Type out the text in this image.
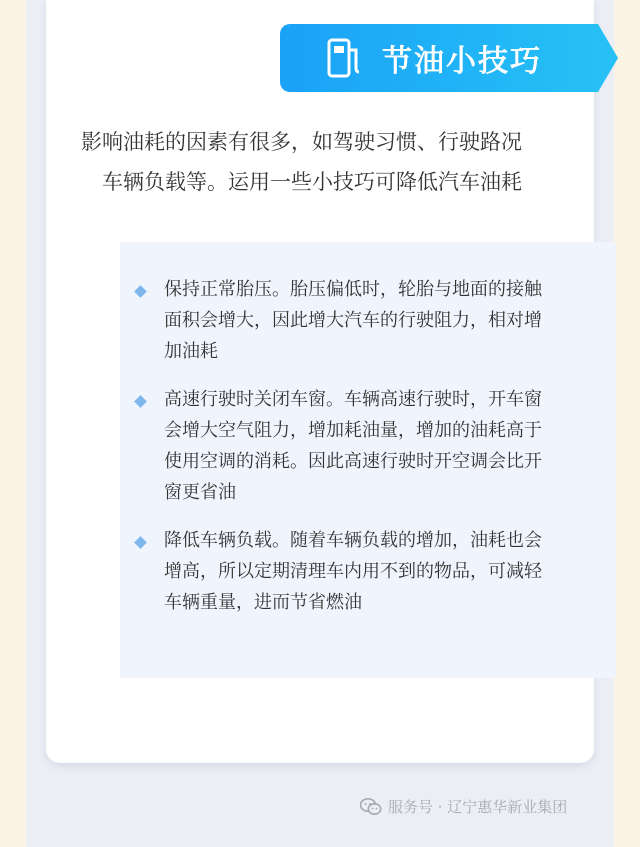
节油小技巧
影响油耗的因素有很多，如驾驶习惯、行驶路况
车辆负载等。运用一些小技巧可降低汽车油耗
保持正常胎压。胎压偏低时，轮胎与地面的接触
面积会增大，因此增大汽车的行驶阻力，相对增
加油耗
高速行驶时关闭车窗。车辆高速行驶时，开车窗
会增大空气阻力，增加耗油量，增加的油耗高于
使用空调的消耗。因此高速行驶时开空调会比开
窗更省油
降低车辆负载。随着车辆负载的增加，油耗也会
增高，所以定期清理车内用不到的物品，可减轻
车辆重量，进而节省燃油
服务号 · 辽宁惠华新业集团
